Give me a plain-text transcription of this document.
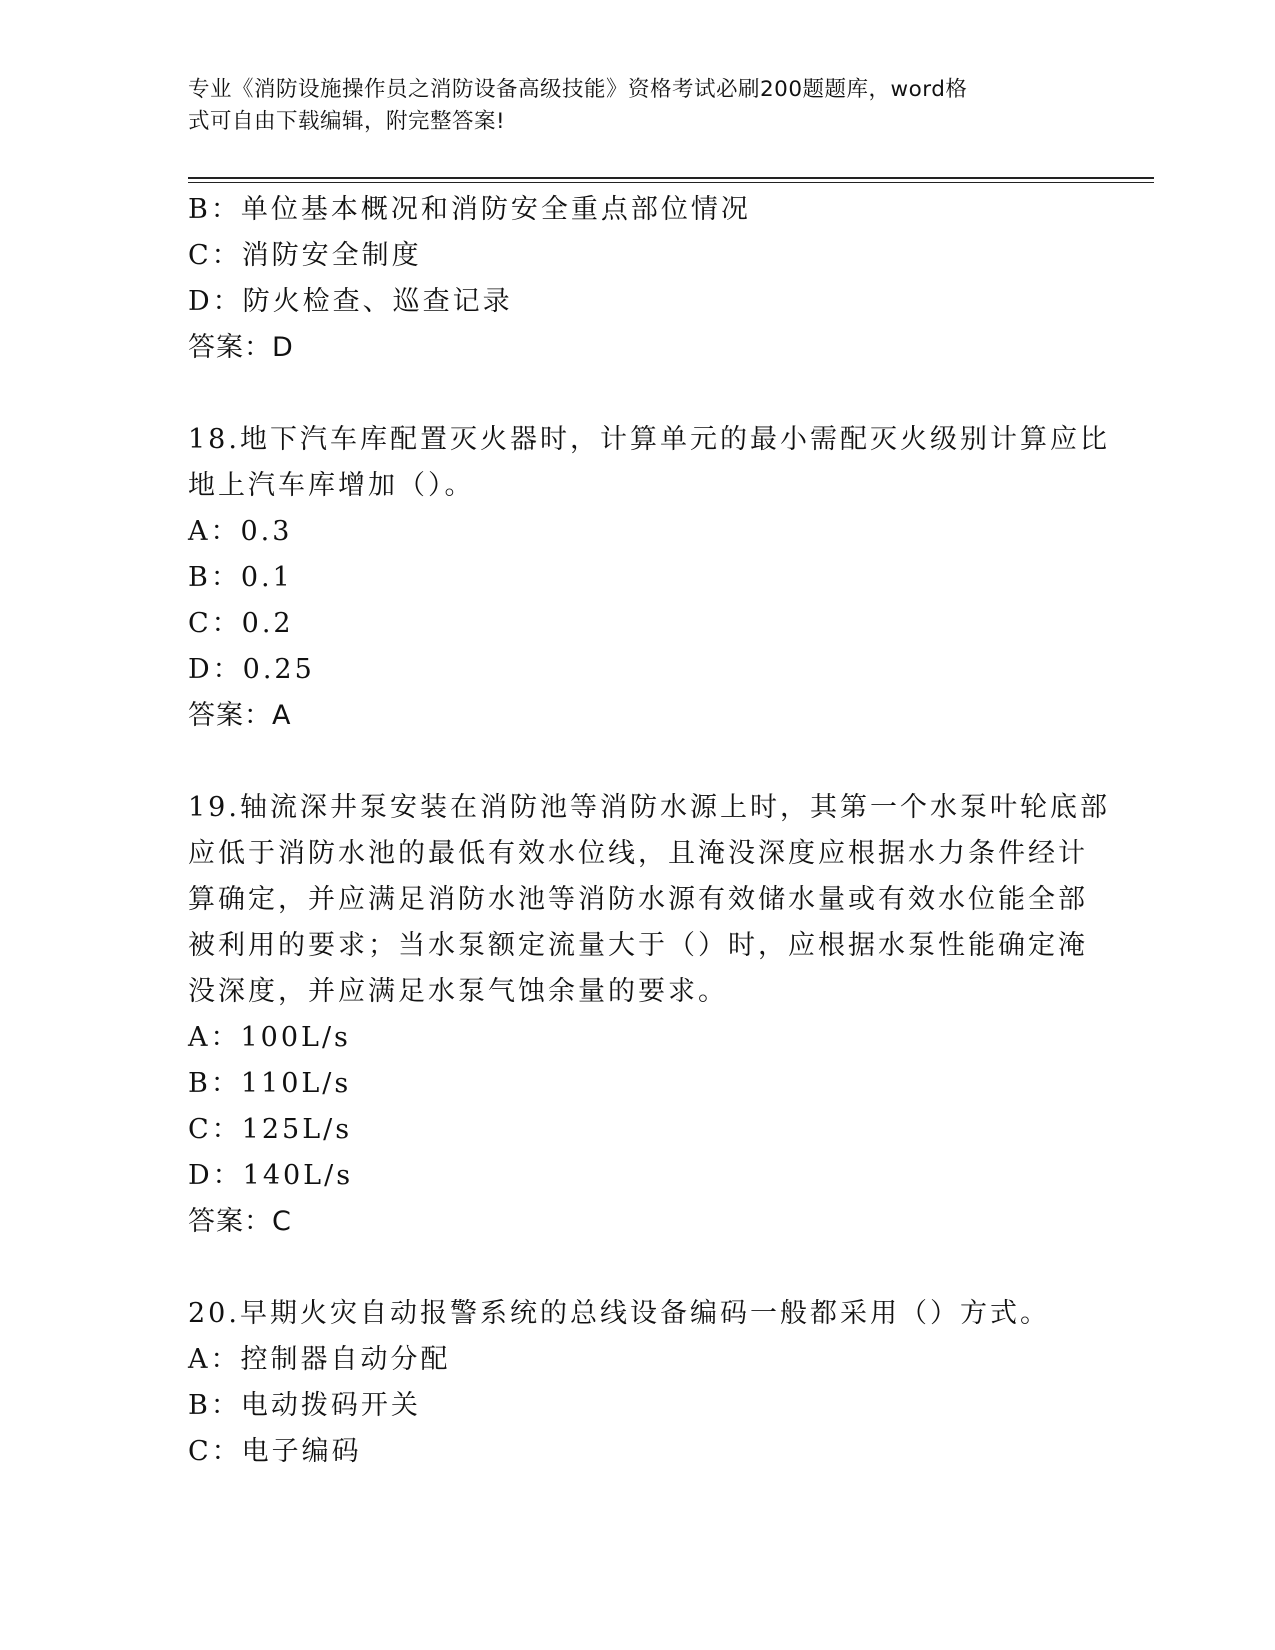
专业《消防设施操作员之消防设备高级技能》资格考试必刷200题题库，word格
式可自由下载编辑，附完整答案!
B：单位基本概况和消防安全重点部位情况
C：消防安全制度
D：防火检查、巡查记录
答案：D
18.地下汽车库配置灭火器时，计算单元的最小需配灭火级别计算应比
地上汽车库增加（）。
A：0.3
B：0.1
C：0.2
D：0.25
答案：A
19.轴流深井泵安装在消防池等消防水源上时，其第一个水泵叶轮底部
应低于消防水池的最低有效水位线，且淹没深度应根据水力条件经计
算确定，并应满足消防水池等消防水源有效储水量或有效水位能全部
被利用的要求；当水泵额定流量大于（）时，应根据水泵性能确定淹
没深度，并应满足水泵气蚀余量的要求。
A：100L/s
B：110L/s
C：125L/s
D：140L/s
答案：C
20.早期火灾自动报警系统的总线设备编码一般都采用（）方式。
A：控制器自动分配
B：电动拨码开关
C：电子编码
